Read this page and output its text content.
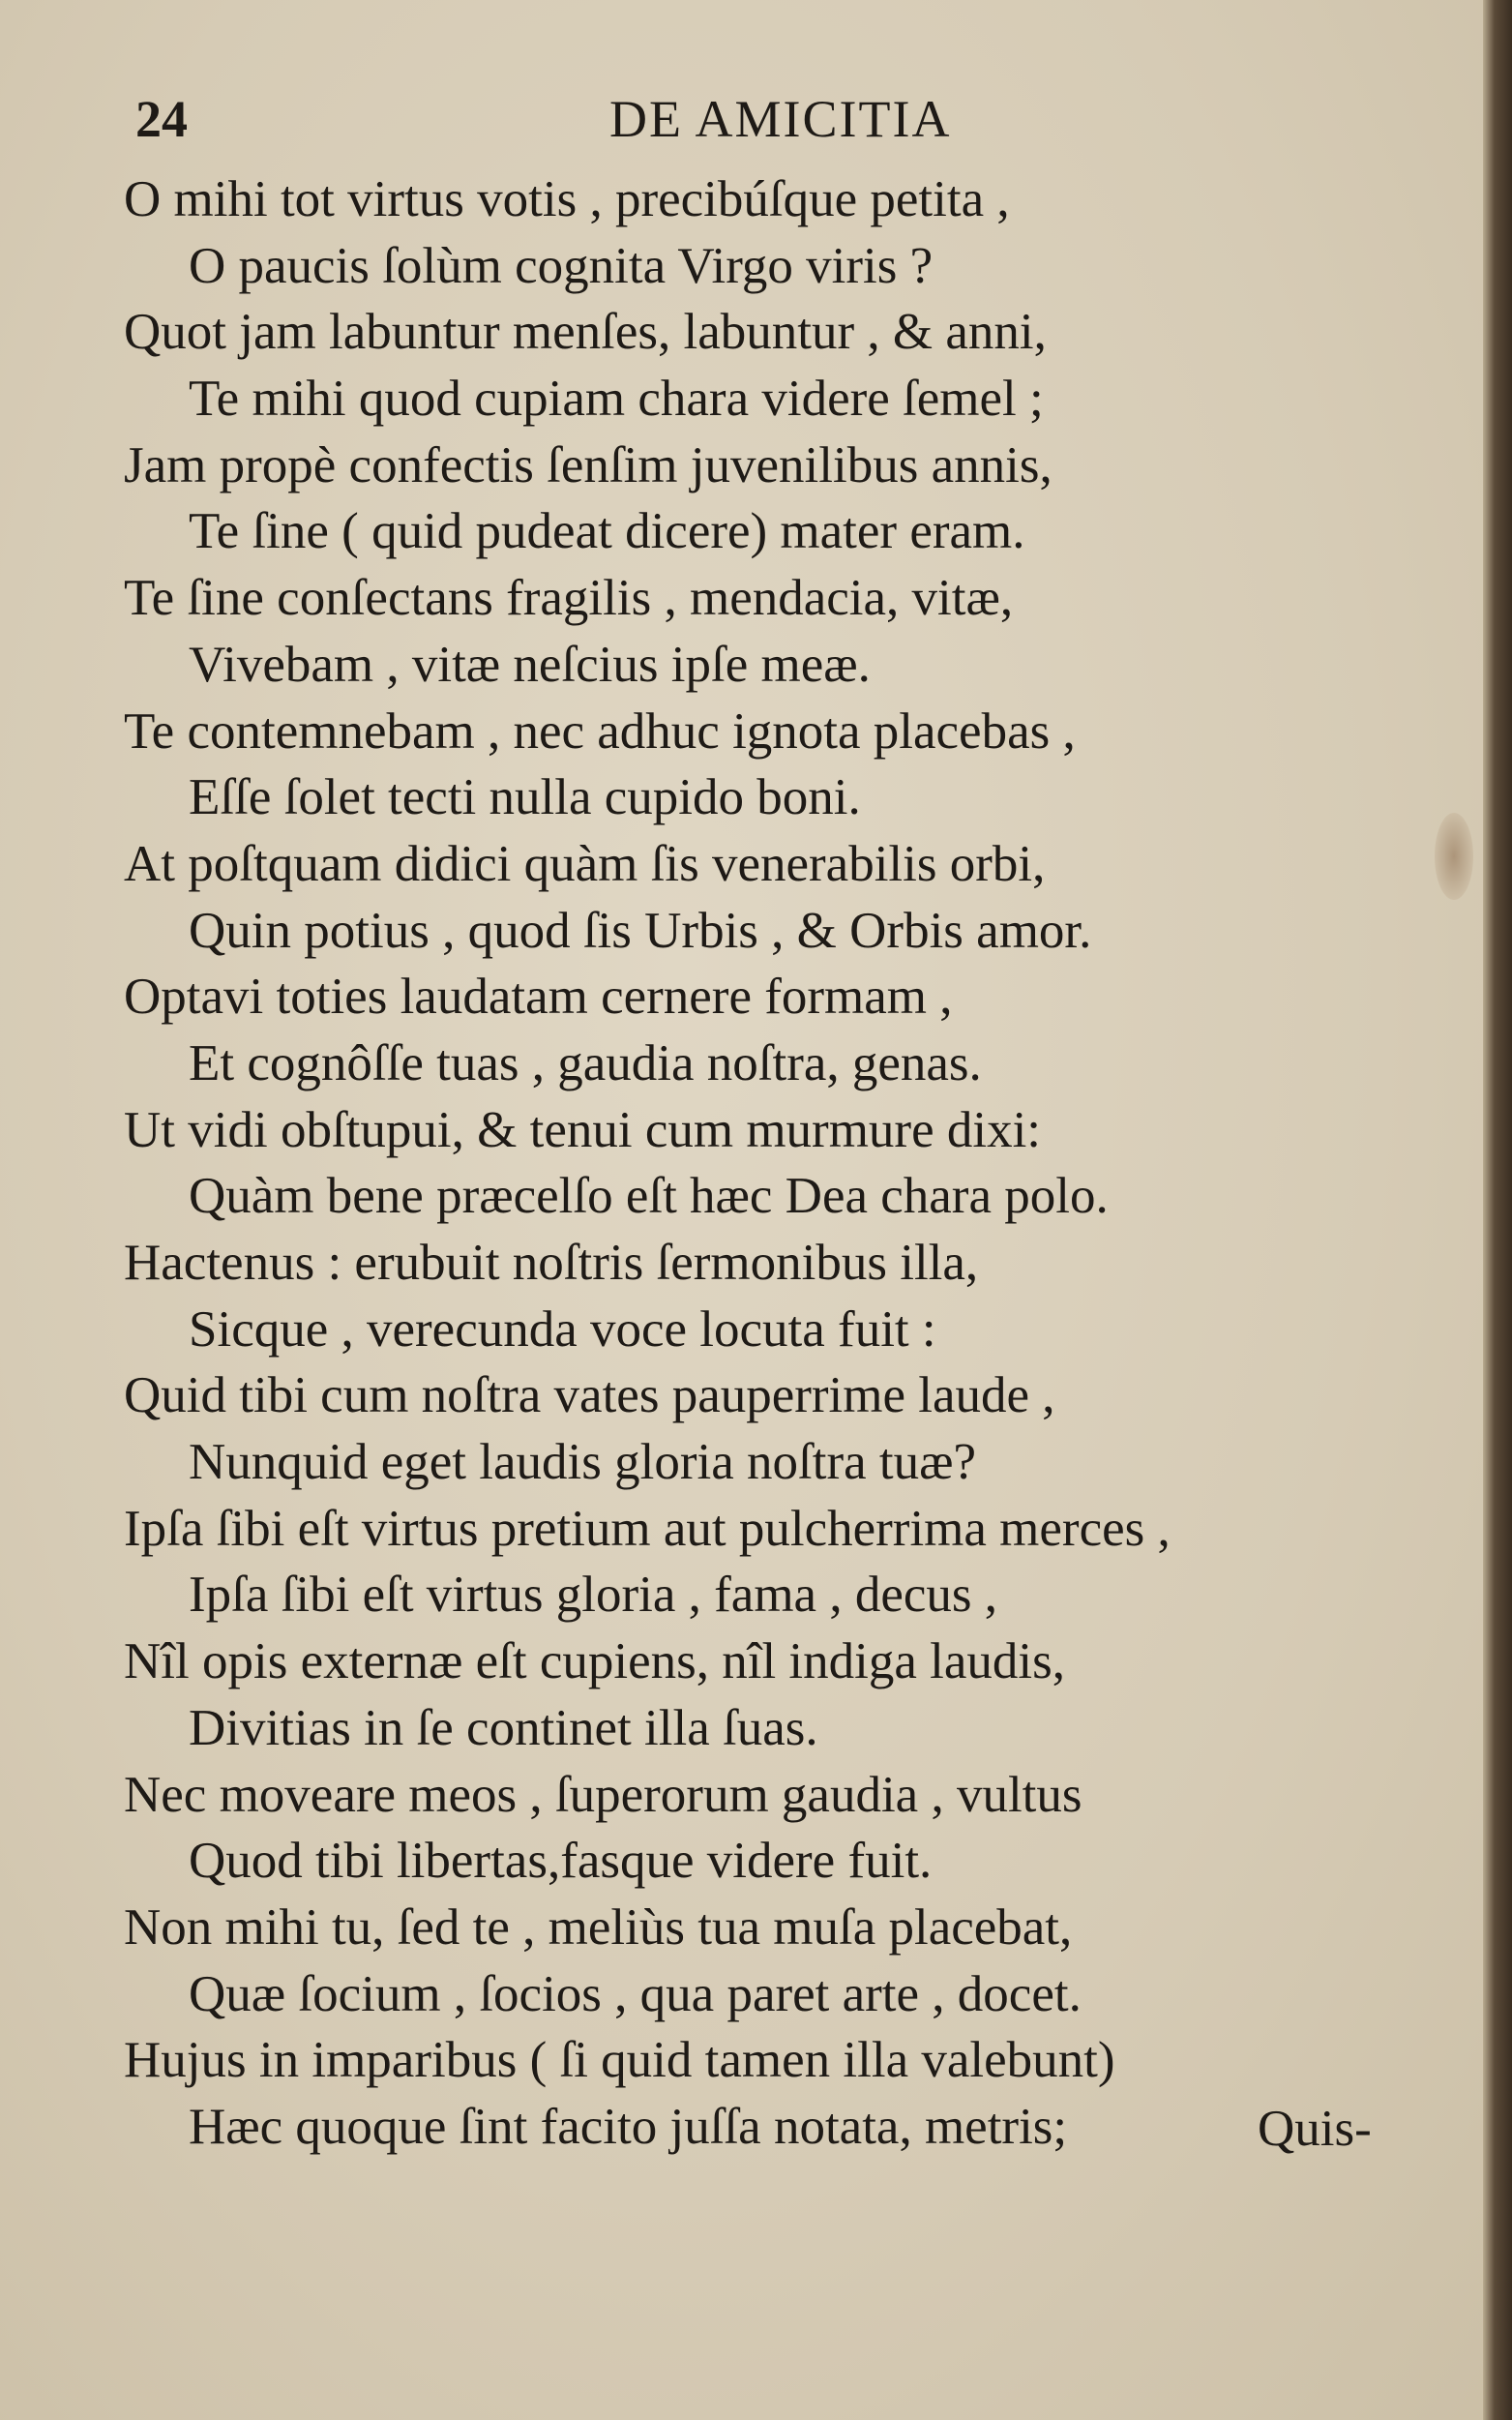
24	DE AMICITIA
O mihi tot virtus votis , precibúſque petita ,
O paucis ſolùm cognita Virgo viris ?
Quot jam labuntur menſes, labuntur , & anni,
Te mihi quod cupiam chara videre ſemel ;
Jam propè confectis ſenſim juvenilibus annis,
Te ſine ( quid pudeat dicere) mater eram.
Te ſine conſectans fragilis , mendacia, vitæ,
Vivebam , vitæ neſcius ipſe meæ.
Te contemnebam , nec adhuc ignota placebas ,
Eſſe ſolet tecti nulla cupido boni.
At poſtquam didici quàm ſis venerabilis orbi,
Quin potius , quod ſis Urbis , & Orbis amor.
Optavi toties laudatam cernere formam ,
Et cognôſſe tuas , gaudia noſtra, genas.
Ut vidi obſtupui, & tenui cum murmure dixi:
Quàm bene præcelſo eſt hæc Dea chara polo.
Hactenus : erubuit noſtris ſermonibus illa,
Sicque , verecunda voce locuta fuit :
Quid tibi cum noſtra vates pauperrime laude ,
Nunquid eget laudis gloria noſtra tuæ?
Ipſa ſibi eſt virtus pretium aut pulcherrima merces ,
Ipſa ſibi eſt virtus gloria , fama , decus ,
Nîl opis externæ eſt cupiens, nîl indiga laudis,
Divitias in ſe continet illa ſuas.
Nec moveare meos , ſuperorum gaudia , vultus
Quod tibi libertas,fasque videre fuit.
Non mihi tu, ſed te , meliùs tua muſa placebat,
Quæ ſocium , ſocios , qua paret arte , docet.
Hujus in imparibus ( ſi quid tamen illa valebunt)
Hæc quoque ſint facito juſſa notata, metris;	Quis-
